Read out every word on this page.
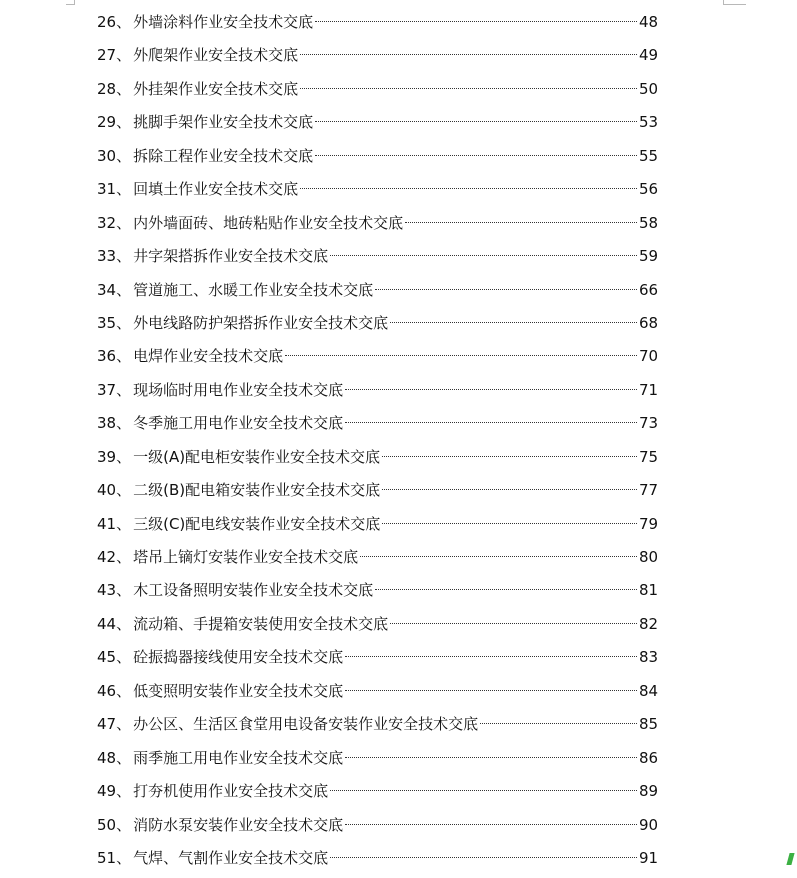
26、 外墙涂料作业安全技术交底	48
27、 外爬架作业安全技术交底	49
28、 外挂架作业安全技术交底	50
29、 挑脚手架作业安全技术交底	53
30、 拆除工程作业安全技术交底	55
31、 回填土作业安全技术交底	56
32、 内外墙面砖、地砖粘贴作业安全技术交底	58
33、 井字架搭拆作业安全技术交底	59
34、 管道施工、水暖工作业安全技术交底	66
35、 外电线路防护架搭拆作业安全技术交底	68
36、 电焊作业安全技术交底	70
37、 现场临时用电作业安全技术交底	71
38、 冬季施工用电作业安全技术交底	73
39、 一级(A)配电柜安装作业安全技术交底	75
40、 二级(B)配电箱安装作业安全技术交底	77
41、 三级(C)配电线安装作业安全技术交底	79
42、 塔吊上镝灯安装作业安全技术交底	80
43、 木工设备照明安装作业安全技术交底	81
44、 流动箱、手提箱安装使用安全技术交底	82
45、 砼振捣器接线使用安全技术交底	83
46、 低变照明安装作业安全技术交底	84
47、 办公区、生活区食堂用电设备安装作业安全技术交底	85
48、 雨季施工用电作业安全技术交底	86
49、 打夯机使用作业安全技术交底	89
50、 消防水泵安装作业安全技术交底	90
51、 气焊、气割作业安全技术交底	91
